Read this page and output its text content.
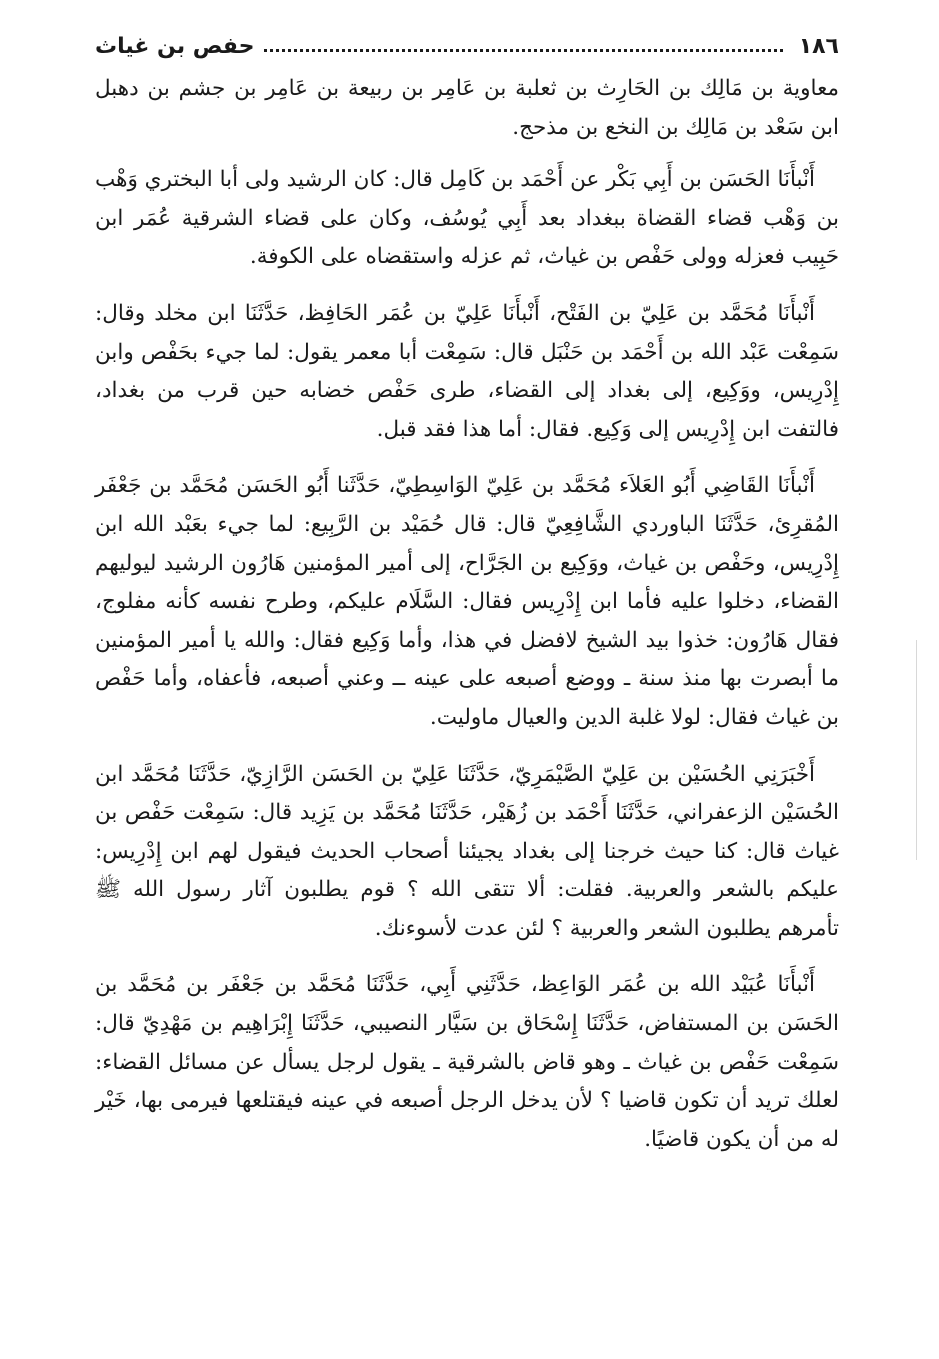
١٨٦
حفص بن غياث

معاوية بن مَالِك بن الحَارِث بن ثعلبة بن عَامِر بن ربيعة بن عَامِر بن جشم بن دهبل ابن سَعْد بن مَالِك بن النخع بن مذحج.

أَنْبأَنَا الحَسَن بن أَبِي بَكْر عن أَحْمَد بن كَامِل قال: كان الرشيد ولى أبا البختري وَهْب بن وَهْب قضاء القضاة ببغداد بعد أَبِي يُوسُف، وكان على قضاء الشرقية عُمَر ابن حَبِيب فعزله وولى حَفْص بن غياث، ثم عزله واستقضاه على الكوفة.

أَنْبأَنَا مُحَمَّد بن عَلِيّ بن الفَتْح، أَنْبأَنَا عَلِيّ بن عُمَر الحَافِظ، حَدَّثَنَا ابن مخلد وقال: سَمِعْت عَبْد الله بن أَحْمَد بن حَنْبَل قال: سَمِعْت أبا معمر يقول: لما جيء بحَفْص وابن إِدْرِيس، ووَكِيع، إلى بغداد إلى القضاء، طرى حَفْص خضابه حين قرب من بغداد، فالتفت ابن إِدْرِيس إلى وَكِيع. فقال: أما هذا فقد قبل.

أَنْبأَنَا القَاضِي أَبُو العَلاَء مُحَمَّد بن عَلِيّ الوَاسِطِيّ، حَدَّثَنا أَبُو الحَسَن مُحَمَّد بن جَعْفَر المُقرِئ، حَدَّثَنَا الباوردي الشَّافِعِيّ قال: قال حُمَيْد بن الرَّبِيع: لما جيء بعَبْد الله ابن إِدْرِيس، وحَفْص بن غياث، ووَكِيع بن الجَرَّاح، إلى أمير المؤمنين هَارُون الرشيد ليوليهم القضاء، دخلوا عليه فأما ابن إِدْرِيس فقال: السَّلَام عليكم، وطرح نفسه كأنه مفلوج، فقال هَارُون: خذوا بيد الشيخ لافضل في هذا، وأما وَكِيع فقال: والله يا أمير المؤمنين ما أبصرت بها منذ سنة ـ ووضع أصبعه على عينه ــ وعني أصبعه، فأعفاه، وأما حَفْص بن غياث فقال: لولا غلبة الدين والعيال ماوليت.

أَخْبَرَنِي الحُسَيْن بن عَلِيّ الصَّيْمَرِيّ، حَدَّثَنَا عَلِيّ بن الحَسَن الرَّازِيّ، حَدَّثَنَا مُحَمَّد ابن الحُسَيْن الزعفراني، حَدَّثَنَا أَحْمَد بن زُهَيْر، حَدَّثَنَا مُحَمَّد بن يَزِيد قال: سَمِعْت حَفْص بن غياث قال: كنا حيث خرجنا إلى بغداد يجيئنا أصحاب الحديث فيقول لهم ابن إِدْرِيس: عليكم بالشعر والعربية. فقلت: ألا تتقى الله ؟ قوم يطلبون آثار رسول الله ﷺ تأمرهم يطلبون الشعر والعربية ؟ لئن عدت لأسوءنك.

أَنْبأَنَا عُبَيْد الله بن عُمَر الوَاعِظ، حَدَّثَنِي أَبِي، حَدَّثَنَا مُحَمَّد بن جَعْفَر بن مُحَمَّد بن الحَسَن بن المستفاض، حَدَّثَنَا إِسْحَاق بن سَيَّار النصيبي، حَدَّثَنَا إِبْرَاهِيم بن مَهْدِيّ قال: سَمِعْت حَفْص بن غياث ـ وهو قاض بالشرقية ـ يقول لرجل يسأل عن مسائل القضاء: لعلك تريد أن تكون قاضيا ؟ لأن يدخل الرجل أصبعه في عينه فيقتلعها فيرمى بها، خَيْر له من أن يكون قاضيًا.
